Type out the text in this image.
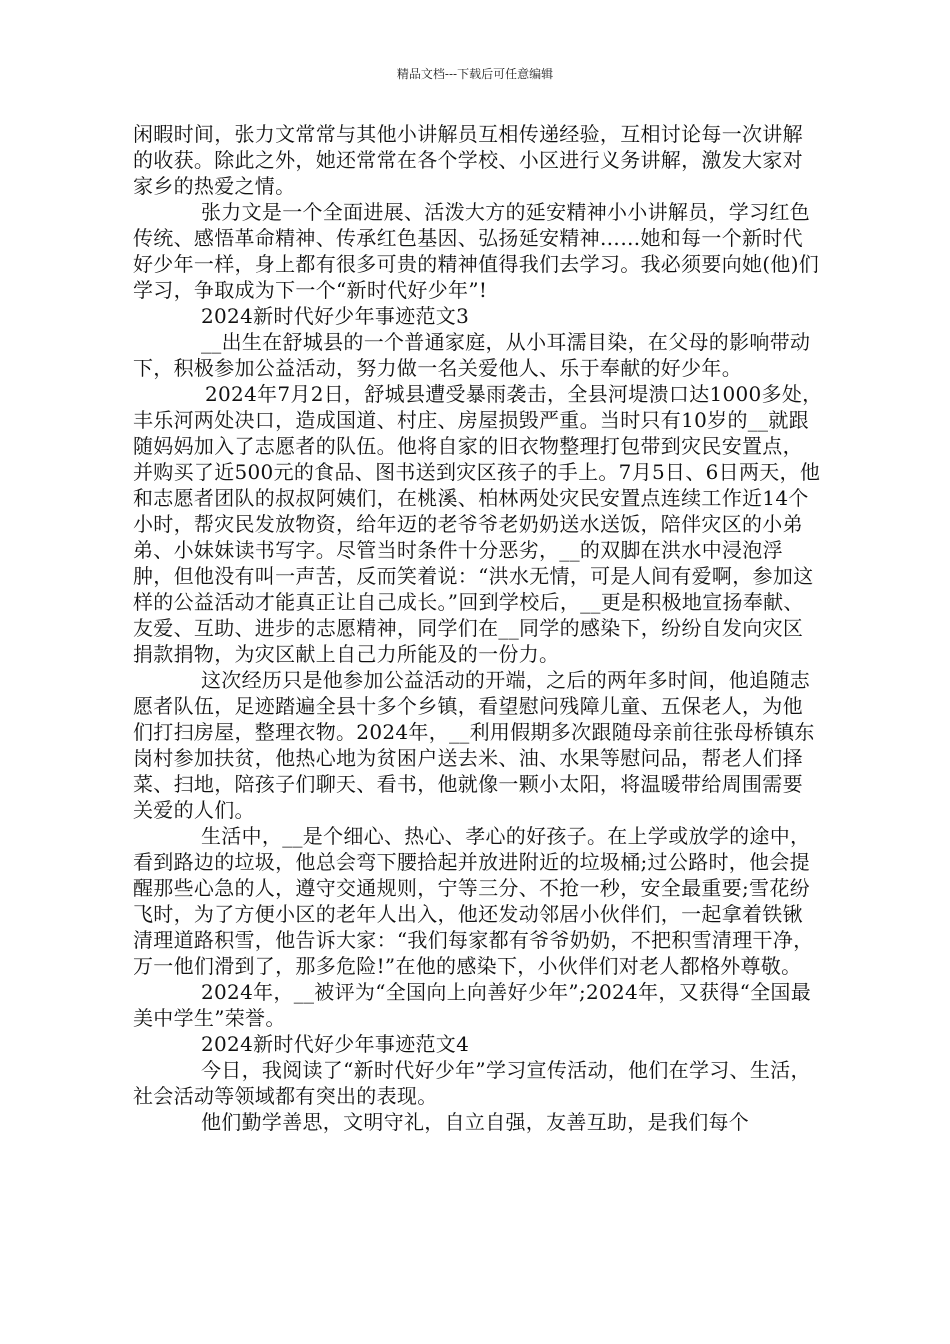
精品文档---下载后可任意编辑

闲暇时间，张力文常常与其他小讲解员互相传递经验，互相讨论每一次讲解的收获。除此之外，她还常常在各个学校、小区进行义务讲解，激发大家对家乡的热爱之情。

张力文是一个全面进展、活泼大方的延安精神小小讲解员，学习红色传统、感悟革命精神、传承红色基因、弘扬延安精神……她和每一个新时代好少年一样，身上都有很多可贵的精神值得我们去学习。我必须要向她(他)们学习，争取成为下一个“新时代好少年”!

2024新时代好少年事迹范文3

__出生在舒城县的一个普通家庭，从小耳濡目染，在父母的影响带动下，积极参加公益活动，努力做一名关爱他人、乐于奉献的好少年。

2024年7月2日，舒城县遭受暴雨袭击，全县河堤溃口达1000多处，丰乐河两处决口，造成国道、村庄、房屋损毁严重。当时只有10岁的__就跟随妈妈加入了志愿者的队伍。他将自家的旧衣物整理打包带到灾民安置点，并购买了近500元的食品、图书送到灾区孩子的手上。7月5日、6日两天，他和志愿者团队的叔叔阿姨们，在桃溪、柏林两处灾民安置点连续工作近14个小时，帮灾民发放物资，给年迈的老爷爷老奶奶送水送饭，陪伴灾区的小弟弟、小妹妹读书写字。尽管当时条件十分恶劣，__的双脚在洪水中浸泡浮肿，但他没有叫一声苦，反而笑着说：“洪水无情，可是人间有爱啊，参加这样的公益活动才能真正让自己成长。”回到学校后，__更是积极地宣扬奉献、友爱、互助、进步的志愿精神，同学们在__同学的感染下，纷纷自发向灾区捐款捐物，为灾区献上自己力所能及的一份力。

这次经历只是他参加公益活动的开端，之后的两年多时间，他追随志愿者队伍，足迹踏遍全县十多个乡镇，看望慰问残障儿童、五保老人，为他们打扫房屋，整理衣物。2024年，__利用假期多次跟随母亲前往张母桥镇东岗村参加扶贫，他热心地为贫困户送去米、油、水果等慰问品，帮老人们择菜、扫地，陪孩子们聊天、看书，他就像一颗小太阳，将温暖带给周围需要关爱的人们。

生活中，__是个细心、热心、孝心的好孩子。在上学或放学的途中，看到路边的垃圾，他总会弯下腰拾起并放进附近的垃圾桶;过公路时，他会提醒那些心急的人，遵守交通规则，宁等三分、不抢一秒，安全最重要;雪花纷飞时，为了方便小区的老年人出入，他还发动邻居小伙伴们，一起拿着铁锹清理道路积雪，他告诉大家：“我们每家都有爷爷奶奶，不把积雪清理干净，万一他们滑到了，那多危险!”在他的感染下，小伙伴们对老人都格外尊敬。

2024年，__被评为“全国向上向善好少年”;2024年，又获得“全国最美中学生”荣誉。

2024新时代好少年事迹范文4

今日，我阅读了“新时代好少年”学习宣传活动，他们在学习、生活，社会活动等领域都有突出的表现。

他们勤学善思，文明守礼，自立自强，友善互助，是我们每个
